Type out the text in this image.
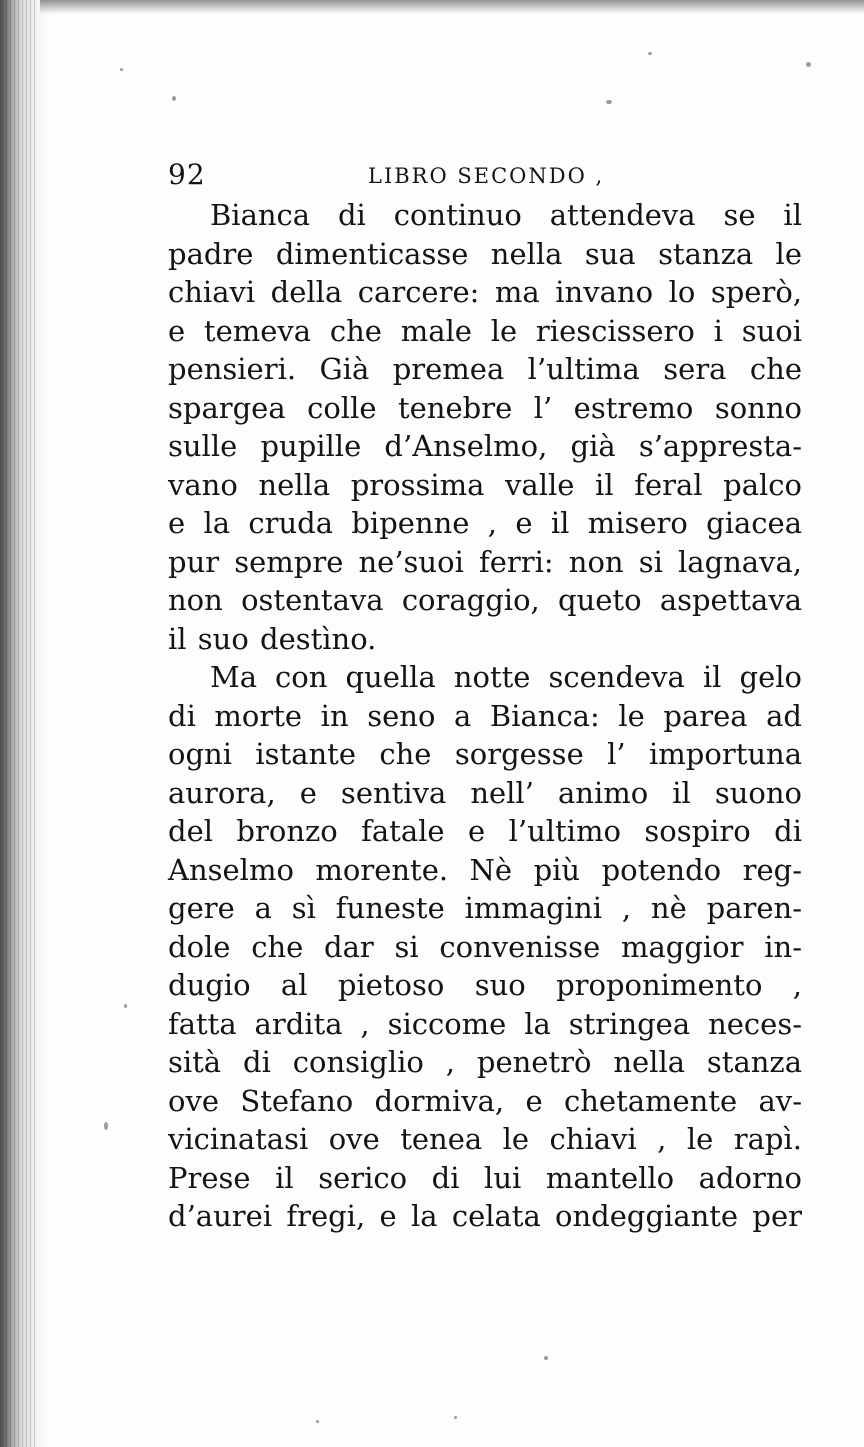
92	LIBRO SECONDO ,
Bianca di continuo attendeva se il
padre dimenticasse nella sua stanza le
chiavi della carcere: ma invano lo sperò,
e temeva che male le riescissero i suoi
pensieri. Già premea l’ultima sera che
spargea colle tenebre l’ estremo sonno
sulle pupille d’Anselmo, già s’appresta-
vano nella prossima valle il feral palco
e la cruda bipenne , e il misero giacea
pur sempre ne’suoi ferri: non si lagnava,
non ostentava coraggio, queto aspettava
il suo destìno.
Ma con quella notte scendeva il gelo
di morte in seno a Bianca: le parea ad
ogni istante che sorgesse l’ importuna
aurora, e sentiva nell’ animo il suono
del bronzo fatale e l’ultimo sospiro di
Anselmo morente. Nè più potendo reg-
gere a sì funeste immagini , nè paren-
dole che dar si convenisse maggior in-
dugio al pietoso suo proponimento ,
fatta ardita , siccome la stringea neces-
sità di consiglio , penetrò nella stanza
ove Stefano dormiva, e chetamente av-
vicinatasi ove tenea le chiavi , le rapì.
Prese il serico di lui mantello adorno
d’aurei fregi, e la celata ondeggiante per
